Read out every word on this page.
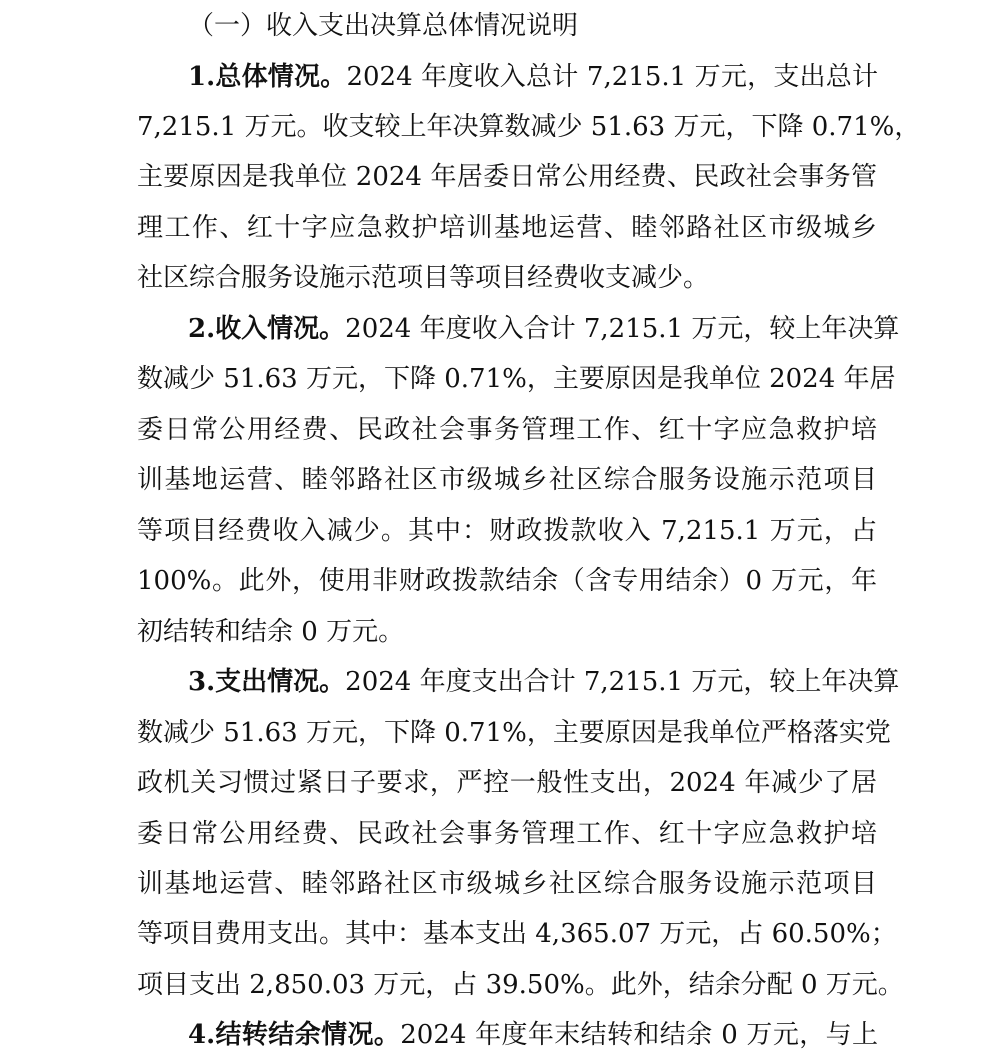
（一）收入支出决算总体情况说明
1.总体情况。2024 年度收入总计 7,215.1 万元，支出总计
7,215.1 万元。收支较上年决算数减少 51.63 万元，下降 0.71%，
主要原因是我单位 2024 年居委日常公用经费、民政社会事务管
理工作、红十字应急救护培训基地运营、睦邻路社区市级城乡
社区综合服务设施示范项目等项目经费收支减少。
2.收入情况。2024 年度收入合计 7,215.1 万元，较上年决算
数减少 51.63 万元，下降 0.71%，主要原因是我单位 2024 年居
委日常公用经费、民政社会事务管理工作、红十字应急救护培
训基地运营、睦邻路社区市级城乡社区综合服务设施示范项目
等项目经费收入减少。其中：财政拨款收入 7,215.1 万元，占
100%。此外，使用非财政拨款结余（含专用结余）0 万元，年
初结转和结余 0 万元。
3.支出情况。2024 年度支出合计 7,215.1 万元，较上年决算
数减少 51.63 万元，下降 0.71%，主要原因是我单位严格落实党
政机关习惯过紧日子要求，严控一般性支出，2024 年减少了居
委日常公用经费、民政社会事务管理工作、红十字应急救护培
训基地运营、睦邻路社区市级城乡社区综合服务设施示范项目
等项目费用支出。其中：基本支出 4,365.07 万元，占 60.50%；
项目支出 2,850.03 万元，占 39.50%。此外，结余分配 0 万元。
4.结转结余情况。2024 年度年末结转和结余 0 万元，与上
